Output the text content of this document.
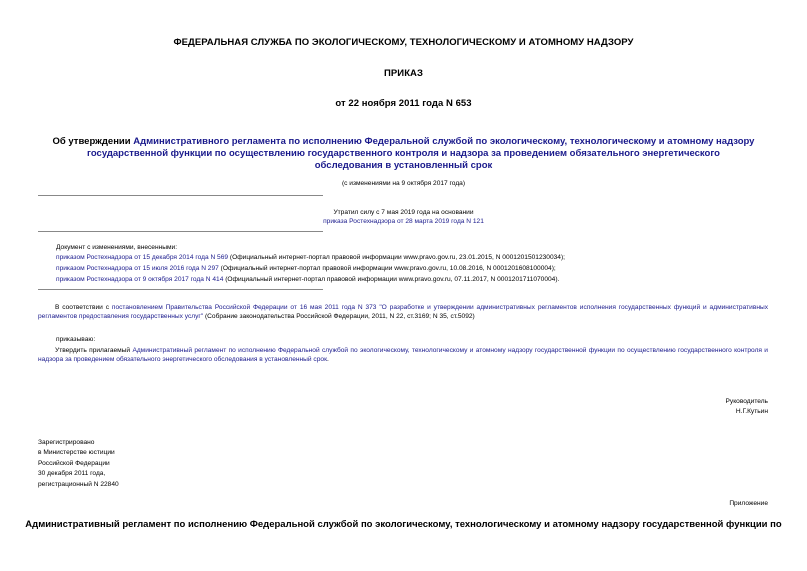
ФЕДЕРАЛЬНАЯ СЛУЖБА ПО ЭКОЛОГИЧЕСКОМУ, ТЕХНОЛОГИЧЕСКОМУ И АТОМНОМУ НАДЗОРУ
ПРИКАЗ
от 22 ноября 2011 года N 653
Об утверждении Административного регламента по исполнению Федеральной службой по экологическому, технологическому и атомному надзору государственной функции по осуществлению государственного контроля и надзора за проведением обязательного энергетического обследования в установленный срок
(с изменениями на 9 октября 2017 года)
Утратил силу с 7 мая 2019 года на основании
приказа Ростехнадзора от 28 марта 2019 года N 121
Документ с изменениями, внесенными:
приказом Ростехнадзора от 15 декабря 2014 года N 569 (Официальный интернет-портал правовой информации www.pravo.gov.ru, 23.01.2015, N 0001201501230034);
приказом Ростехнадзора от 15 июля 2016 года N 297 (Официальный интернет-портал правовой информации www.pravo.gov.ru, 10.08.2016, N 0001201608100004);
приказом Ростехнадзора от 9 октября 2017 года N 414 (Официальный интернет-портал правовой информации www.pravo.gov.ru, 07.11.2017, N 0001201711070004).
В соответствии с постановлением Правительства Российской Федерации от 16 мая 2011 года N 373 "О разработке и утверждении административных регламентов исполнения государственных функций и административных регламентов предоставления государственных услуг" (Собрание законодательства Российской Федерации, 2011, N 22, ст.3169; N 35, ст.5092)
приказываю:
Утвердить прилагаемый Административный регламент по исполнению Федеральной службой по экологическому, технологическому и атомному надзору государственной функции по осуществлению государственного контроля и надзора за проведением обязательного энергетического обследования в установленный срок.
Руководитель
Н.Г.Кутьин
Зарегистрировано
в Министерстве юстиции
Российской Федерации
30 декабря 2011 года,
регистрационный N 22840
Приложение
Административный регламент по исполнению Федеральной службой по экологическому, технологическому и атомному надзору государственной функции по
